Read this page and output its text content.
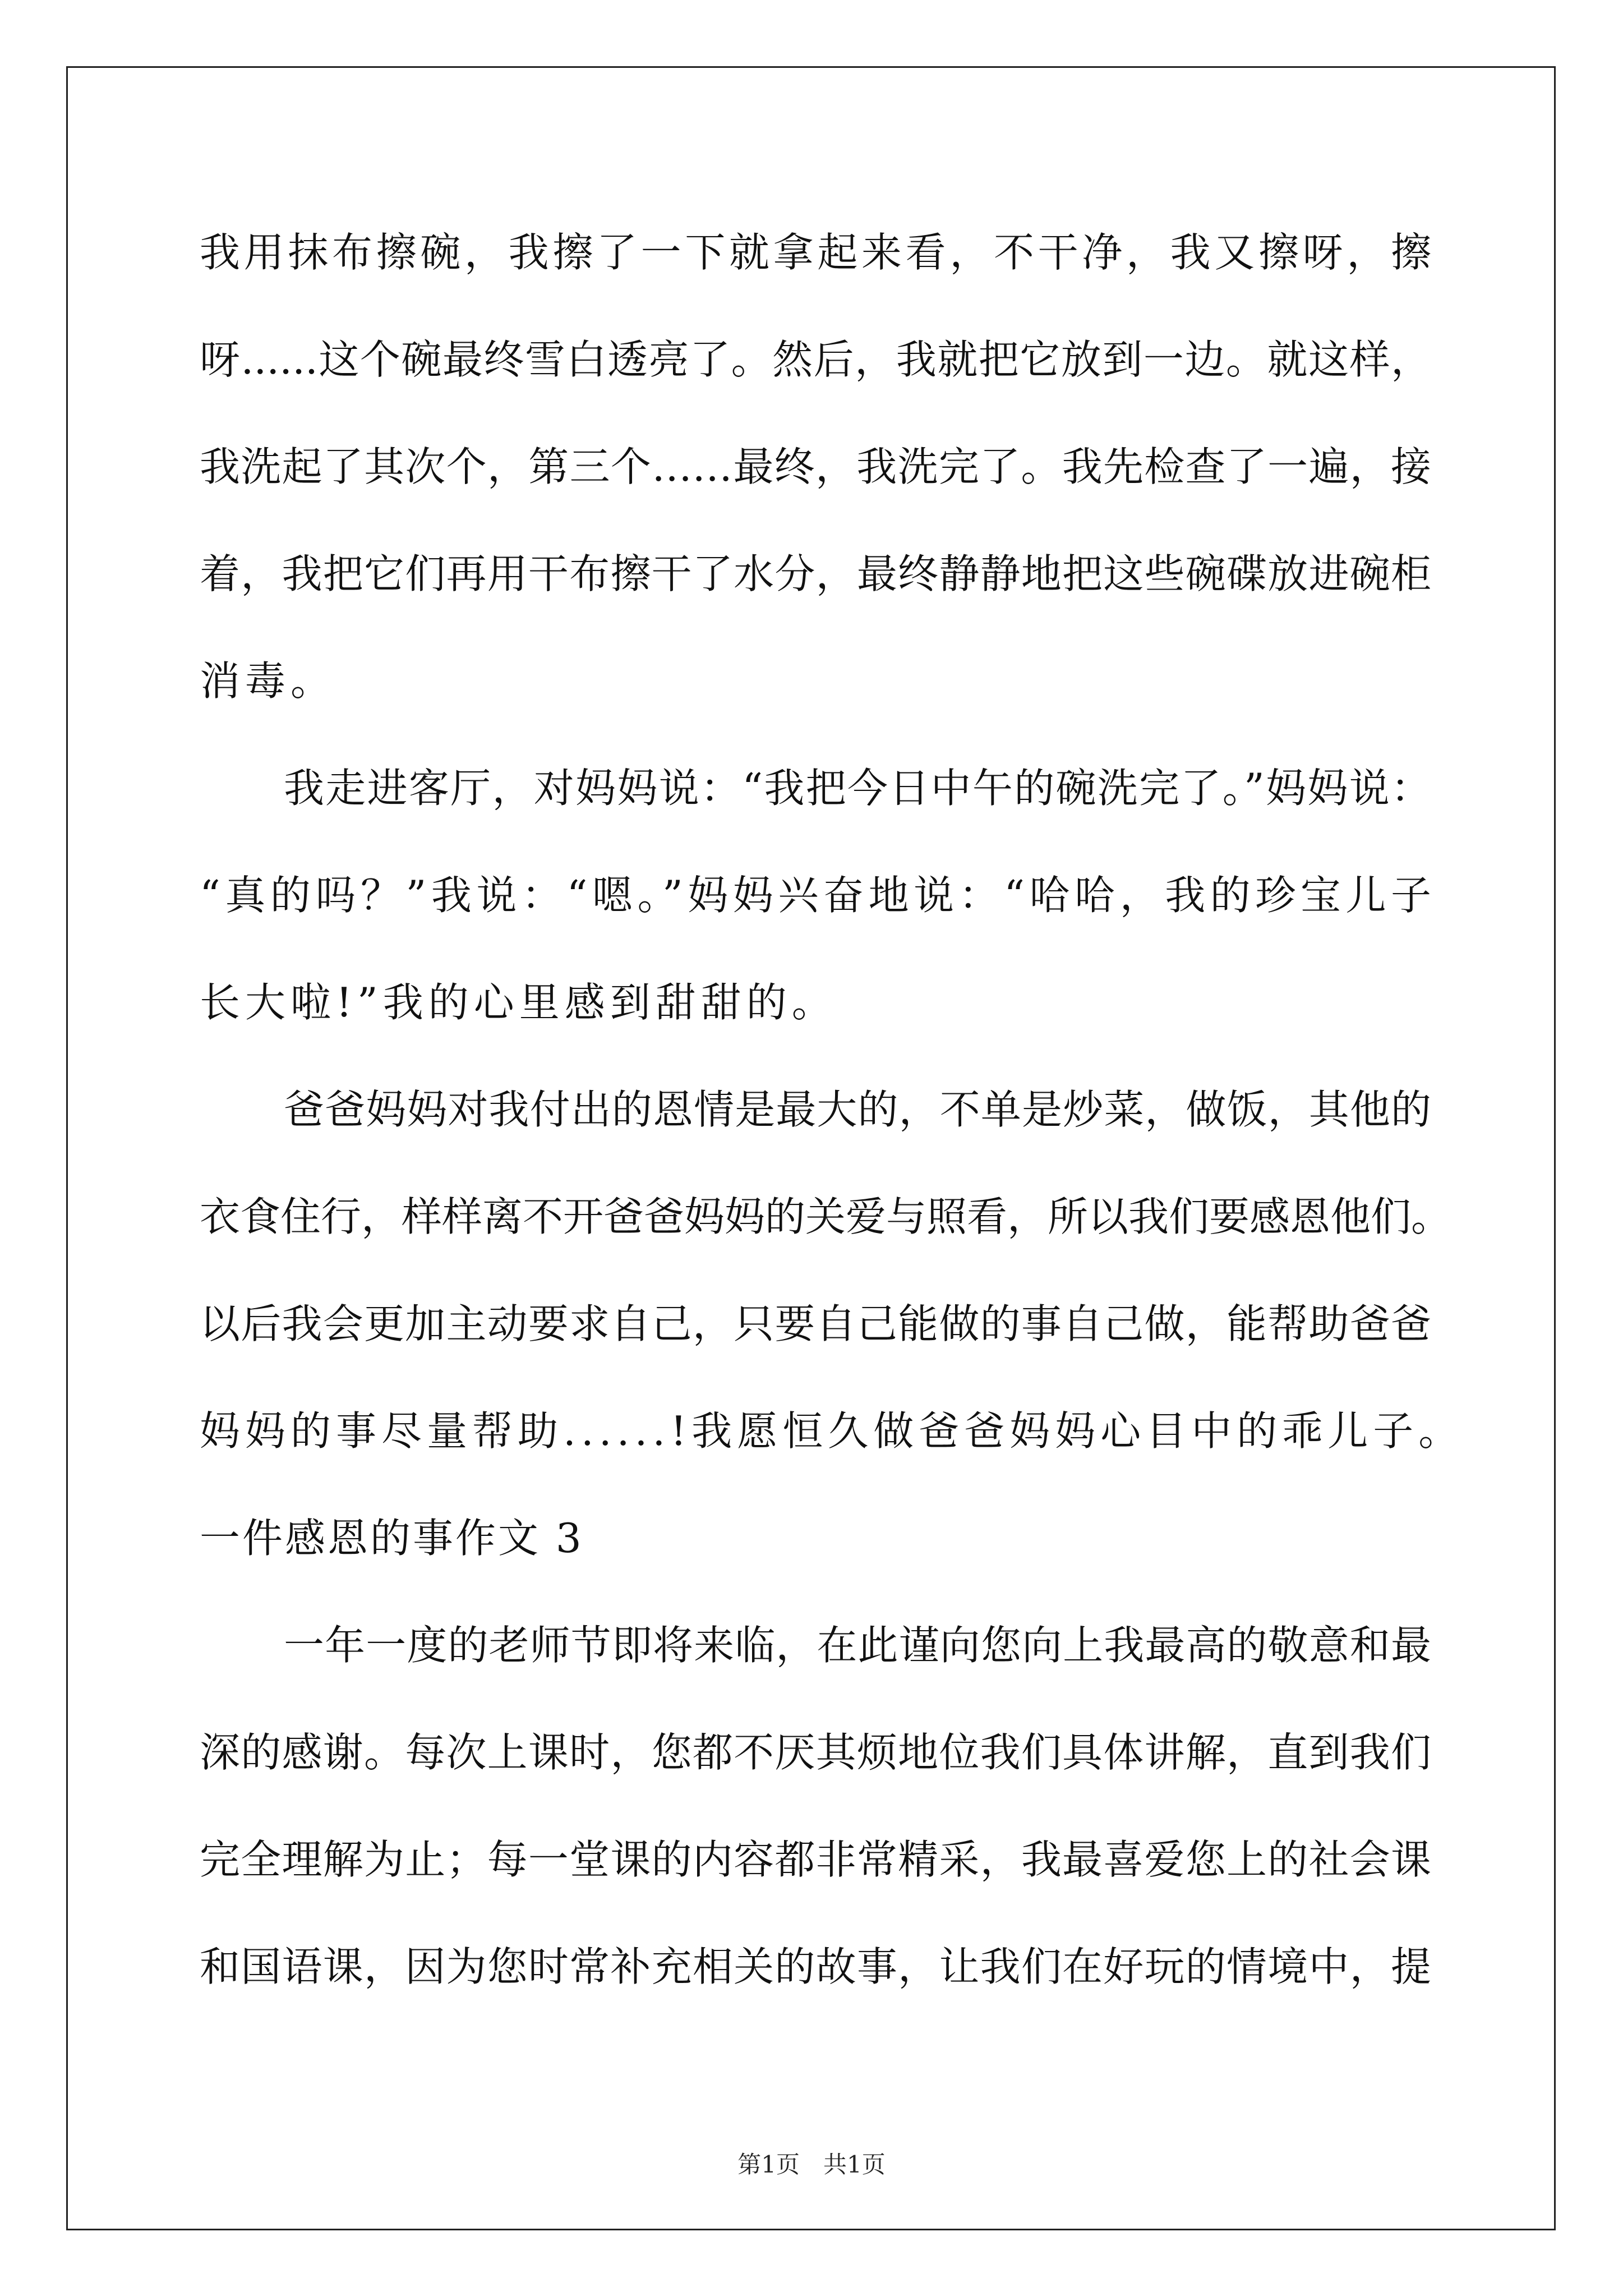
我用抹布擦碗，我擦了一下就拿起来看，不干净，我又擦呀，擦
呀......这个碗最终雪白透亮了。然后，我就把它放到一边。就这样，
我洗起了其次个，第三个……最终，我洗完了。我先检查了一遍，接
着，我把它们再用干布擦干了水分，最终静静地把这些碗碟放进碗柜
消毒。
我走进客厅，对妈妈说：“我把今日中午的碗洗完了。”妈妈说：
“真的吗？”我说：“嗯。”妈妈兴奋地说：“哈哈，我的珍宝儿子
长大啦!”我的心里感到甜甜的。
爸爸妈妈对我付出的恩情是最大的，不单是炒菜，做饭，其他的
衣食住行，样样离不开爸爸妈妈的关爱与照看，所以我们要感恩他们。
以后我会更加主动要求自己，只要自己能做的事自己做，能帮助爸爸
妈妈的事尽量帮助......!我愿恒久做爸爸妈妈心目中的乖儿子。
一件感恩的事作文 3
一年一度的老师节即将来临，在此谨向您向上我最高的敬意和最
深的感谢。每次上课时，您都不厌其烦地位我们具体讲解，直到我们
完全理解为止；每一堂课的内容都非常精采，我最喜爱您上的社会课
和国语课，因为您时常补充相关的故事，让我们在好玩的情境中，提
第1页　共1页
